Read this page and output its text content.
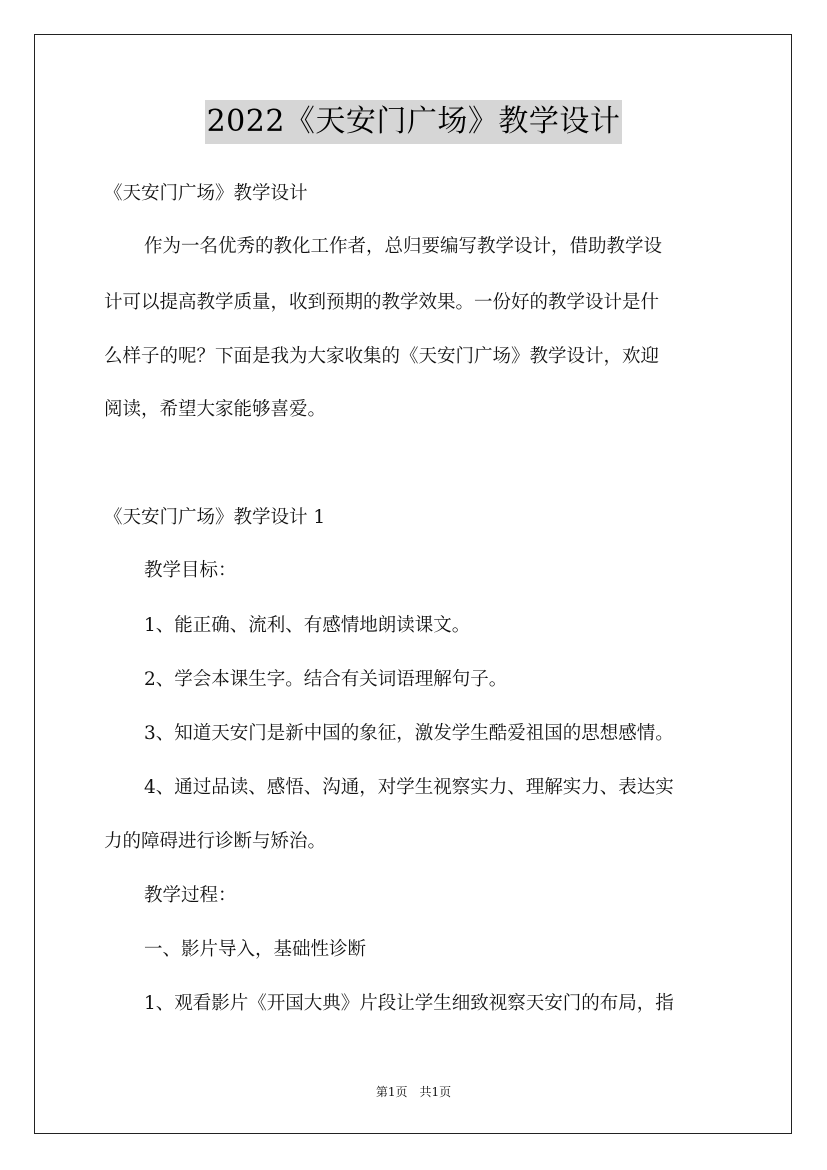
2022《天安门广场》教学设计
《天安门广场》教学设计
作为一名优秀的教化工作者，总归要编写教学设计，借助教学设
计可以提高教学质量，收到预期的教学效果。一份好的教学设计是什
么样子的呢？下面是我为大家收集的《天安门广场》教学设计，欢迎
阅读，希望大家能够喜爱。
《天安门广场》教学设计 1
教学目标：
1、能正确、流利、有感情地朗读课文。
2、学会本课生字。结合有关词语理解句子。
3、知道天安门是新中国的象征，激发学生酷爱祖国的思想感情。
4、通过品读、感悟、沟通，对学生视察实力、理解实力、表达实
力的障碍进行诊断与矫治。
教学过程：
一、影片导入，基础性诊断
1、观看影片《开国大典》片段让学生细致视察天安门的布局，指
第1页　共1页
